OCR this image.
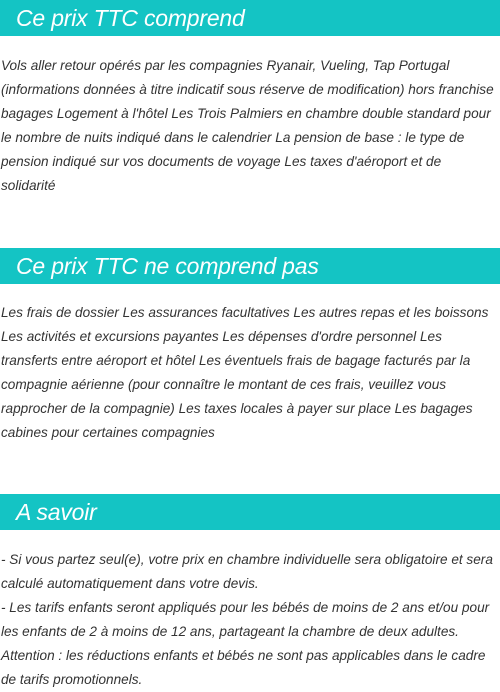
Ce prix TTC comprend

Vols aller retour opérés par les compagnies Ryanair, Vueling, Tap Portugal (informations données à titre indicatif sous réserve de modification) hors franchise bagages Logement à l'hôtel Les Trois Palmiers en chambre double standard pour le nombre de nuits indiqué dans le calendrier La pension de base : le type de pension indiqué sur vos documents de voyage Les taxes d'aéroport et de solidarité

Ce prix TTC ne comprend pas

Les frais de dossier Les assurances facultatives Les autres repas et les boissons Les activités et excursions payantes Les dépenses d'ordre personnel Les transferts entre aéroport et hôtel Les éventuels frais de bagage facturés par la compagnie aérienne (pour connaître le montant de ces frais, veuillez vous rapprocher de la compagnie) Les taxes locales à payer sur place Les bagages cabines pour certaines compagnies

A savoir
- Si vous partez seul(e), votre prix en chambre individuelle sera obligatoire et sera calculé automatiquement dans votre devis.
- Les tarifs enfants seront appliqués pour les bébés de moins de 2 ans et/ou pour les enfants de 2 à moins de 12 ans, partageant la chambre de deux adultes.
Attention : les réductions enfants et bébés ne sont pas applicables dans le cadre de tarifs promotionnels.
